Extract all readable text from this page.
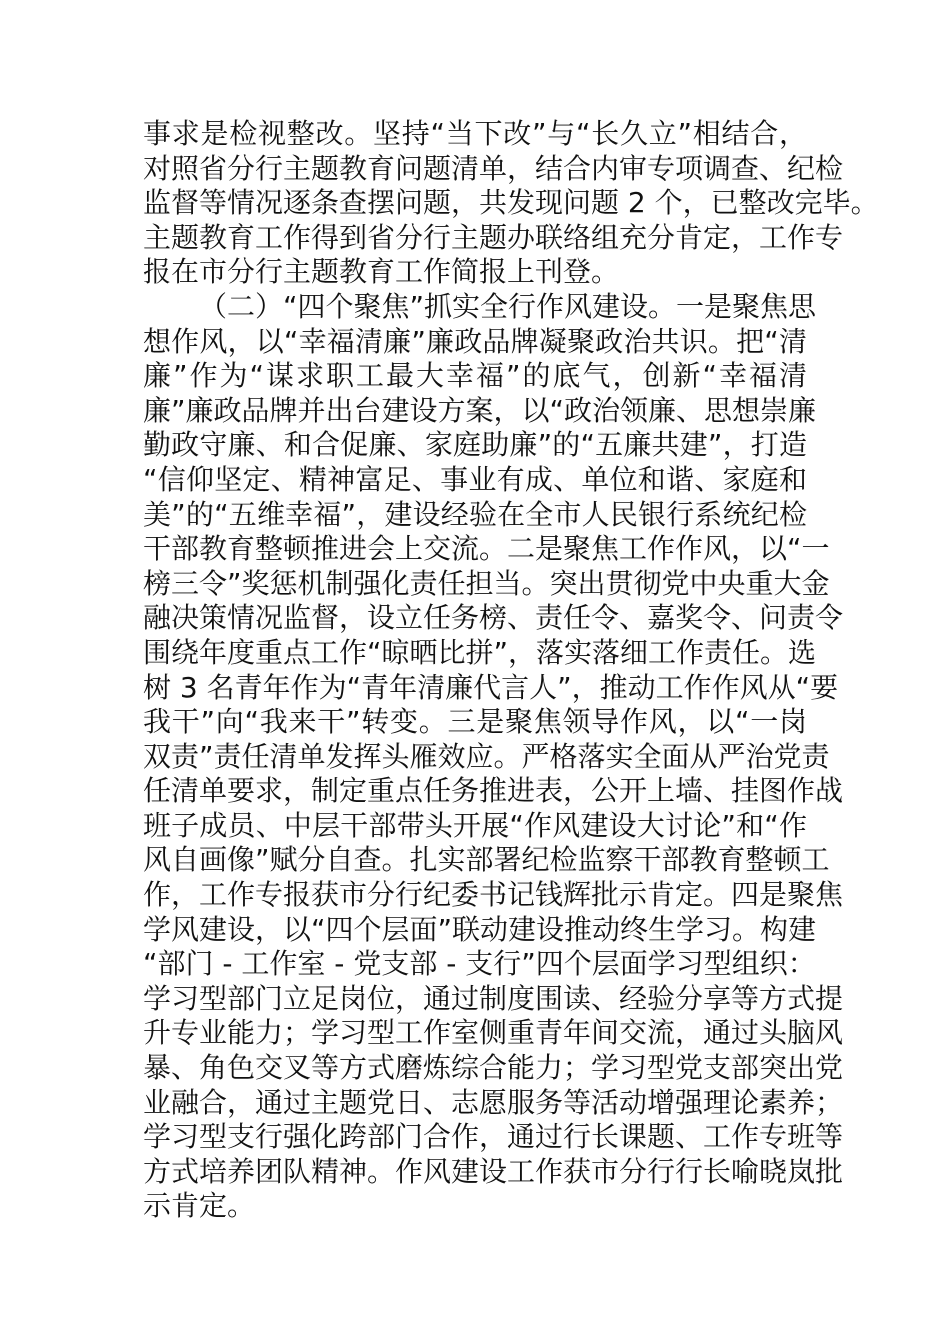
事求是检视整改。坚持“当下改”与“长久立”相结合，
对照省分行主题教育问题清单，结合内审专项调查、纪检
监督等情况逐条查摆问题，共发现问题 2 个，已整改完毕。
主题教育工作得到省分行主题办联络组充分肯定，工作专
报在市分行主题教育工作简报上刊登。
（二）“四个聚焦”抓实全行作风建设。一是聚焦思
想作风，以“幸福清廉”廉政品牌凝聚政治共识。把“清
廉”作为“谋求职工最大幸福”的底气，创新“幸福清
廉”廉政品牌并出台建设方案，以“政治领廉、思想崇廉
勤政守廉、和合促廉、家庭助廉”的“五廉共建”，打造
“信仰坚定、精神富足、事业有成、单位和谐、家庭和
美”的“五维幸福”，建设经验在全市人民银行系统纪检
干部教育整顿推进会上交流。二是聚焦工作作风，以“一
榜三令”奖惩机制强化责任担当。突出贯彻党中央重大金
融决策情况监督，设立任务榜、责任令、嘉奖令、问责令
围绕年度重点工作“晾晒比拼”，落实落细工作责任。选
树 3 名青年作为“青年清廉代言人”，推动工作作风从“要
我干”向“我来干”转变。三是聚焦领导作风，以“一岗
双责”责任清单发挥头雁效应。严格落实全面从严治党责
任清单要求，制定重点任务推进表，公开上墙、挂图作战
班子成员、中层干部带头开展“作风建设大讨论”和“作
风自画像”赋分自查。扎实部署纪检监察干部教育整顿工
作，工作专报获市分行纪委书记钱辉批示肯定。四是聚焦
学风建设，以“四个层面”联动建设推动终生学习。构建
“部门 - 工作室 - 党支部 - 支行”四个层面学习型组织：
学习型部门立足岗位，通过制度围读、经验分享等方式提
升专业能力；学习型工作室侧重青年间交流，通过头脑风
暴、角色交叉等方式磨炼综合能力；学习型党支部突出党
业融合，通过主题党日、志愿服务等活动增强理论素养；
学习型支行强化跨部门合作，通过行长课题、工作专班等
方式培养团队精神。作风建设工作获市分行行长喻晓岚批
示肯定。
